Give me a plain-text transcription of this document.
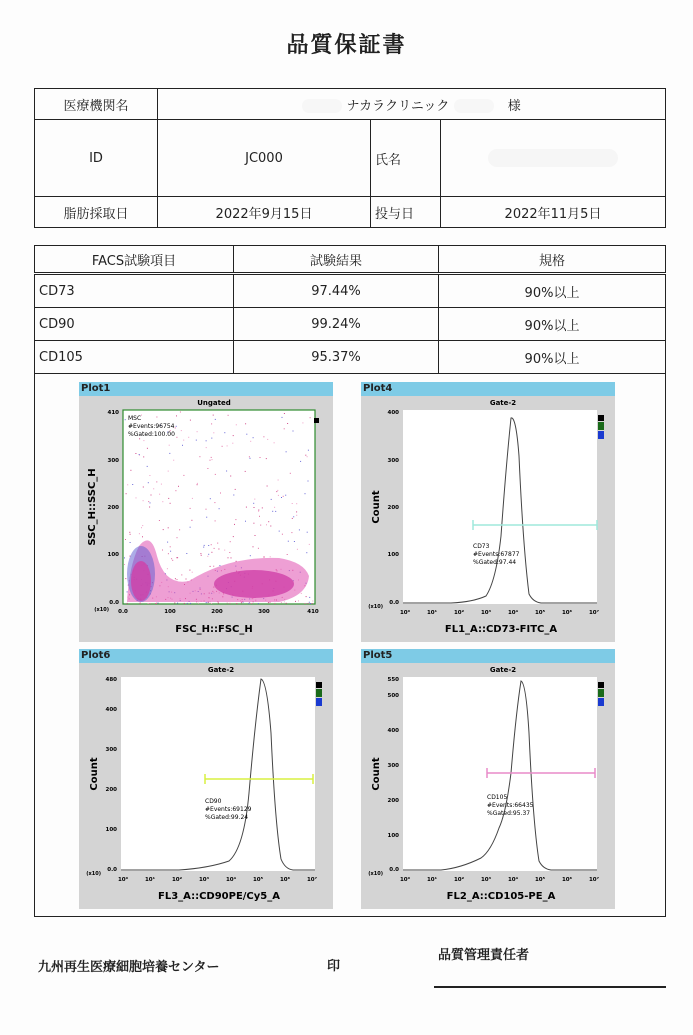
品質保証書
医療機関名	ナカラクリニック 様		
ID	JC000	氏名	
脂肪採取日	2022年9月15日	投与日	2022年11月5日
FACS試験項目	試験結果	規格
CD73	97.44%	90%以上
CD90	99.24%	90%以上
CD105	95.37%	90%以上
Plot1
Ungated
MSC
#Events:96754
%Gated:100.00
410
300
200
100
0.0
0.0	100	200	300	410
(x10)
FSC_H::FSC_H
SSC_H::SSC_H
Plot4
Gate-2
CD73
#Events:67877
%Gated:97.44
400
300
200
100
0.0
10⁰	10¹	10²	10³	10⁴	10⁵	10⁶	10⁷
(x10)
FL1_A::CD73-FITC_A
Count
Plot6
Gate-2
CD90
#Events:69129
%Gated:99.24
480
400
300
200
100
0.0
10⁰	10¹	10²	10³	10⁴	10⁵	10⁶	10⁷
(x10)
FL3_A::CD90PE/Cy5_A
Count
Plot5
Gate-2
CD105
#Events:66435
%Gated:95.37
550
500
400
300
200
100
0.0
10⁰	10¹	10²	10³	10⁴	10⁵	10⁶	10⁷
(x10)
FL2_A::CD105-PE_A
Count
九州再生医療細胞培養センター	印
品質管理責任者
